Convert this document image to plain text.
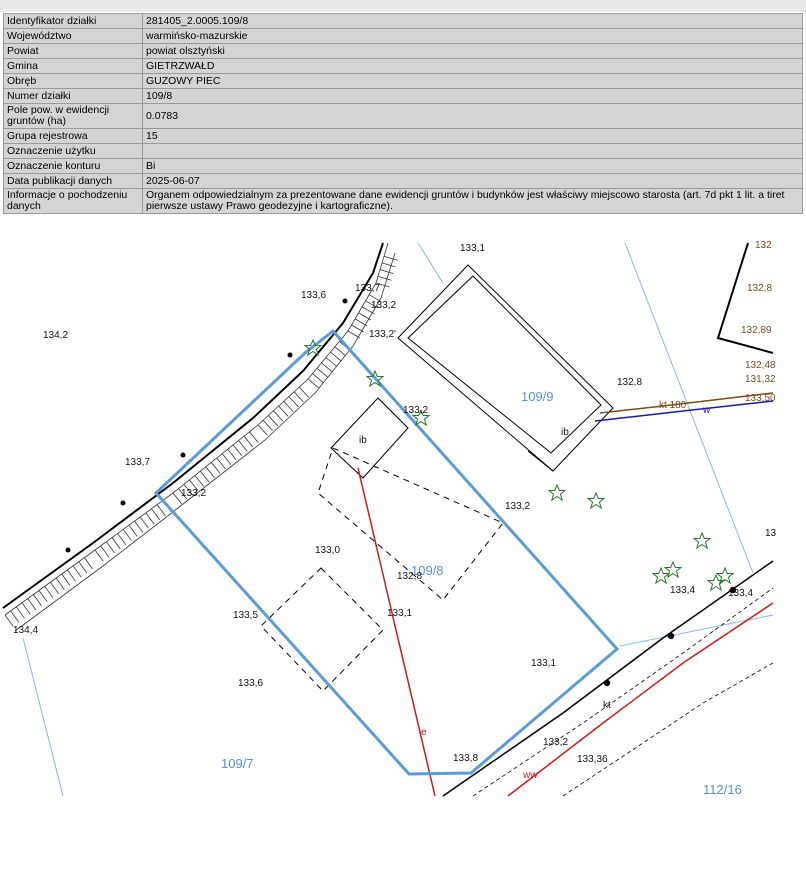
Identyfikator działki	281405_2.0005.109/8
Województwo	warmińsko-mazurskie
Powiat	powiat olsztyński
Gmina	GIETRZWAŁD
Obręb	GUZOWY PIEC
Numer działki	109/8
Pole pow. w ewidencji gruntów (ha)	0.0783
Grupa rejestrowa	15
Oznaczenie użytku	
Oznaczenie konturu	Bi
Data publikacji danych	2025-06-07
Informacje o pochodzeniu danych	Organem odpowiedzialnym za prezentowane dane ewidencji gruntów i budynków jest właściwy miejscowo starosta (art. 7d pkt 1 lit. a tiret pierwsze ustawy Prawo geodezyjne i kartograficzne).
109/9
109/8
109/7
112/16
ib
ib
133,1
133,6
133,7
133,2
133,2'
134,2
132,8
133,2
133,7
133,2
133,2
133,0
132,8
133,1
133,5
134,4
133,6
133,1
133,8
133,2
133,36
133,4	133,4
132,8
132,89
132,48
131,32
133,50
132
13
kt 180 w
e
kt
ww
